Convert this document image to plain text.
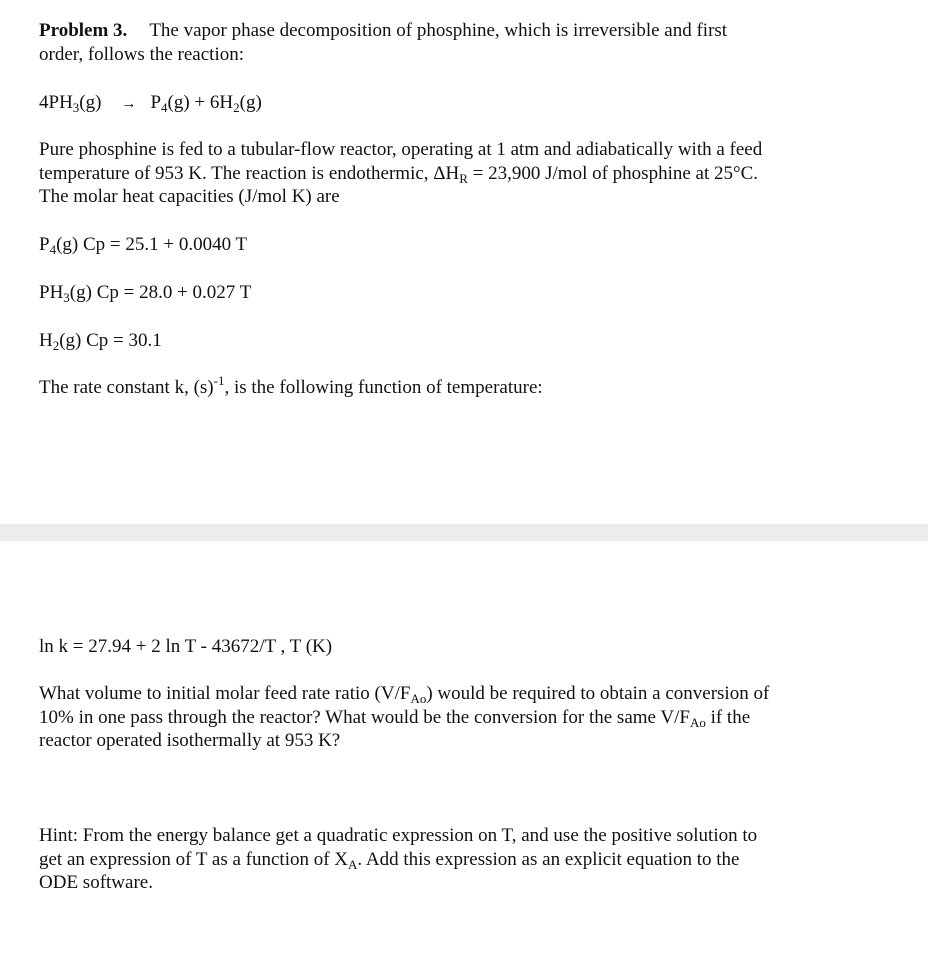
Problem 3. The vapor phase decomposition of phosphine, which is irreversible and first
order, follows the reaction:

$4PH_3(g) \to P_4(g) + 6H_2(g)$

Pure phosphine is fed to a tubular-flow reactor, operating at 1 atm and adiabatically with a feed
temperature of 953 K. The reaction is endothermic, $\Delta H_R = 23,900$ J/mol of phosphine at 25°C.
The molar heat capacities (J/mol K) are

$P_4(g) Cp = 25.1 + 0.0040$ T

$PH_3(g) Cp = 28.0 + 0.027$ T

$H_2(g) Cp = 30.1$

The rate constant k, $(s)^{-1}$, is the following function of temperature:

ln k = 27.94 + 2 ln T - 43672/T , T (K)

What volume to initial molar feed rate ratio $(V/F_{Ao})$ would be required to obtain a conversion of
10% in one pass through the reactor? What would be the conversion for the same $V/F_{Ao}$ if the
reactor operated isothermally at 953 K?

Hint: From the energy balance get a quadratic expression on T, and use the positive solution to
get an expression of T as a function of $X_A$. Add this expression as an explicit equation to the
ODE software.
